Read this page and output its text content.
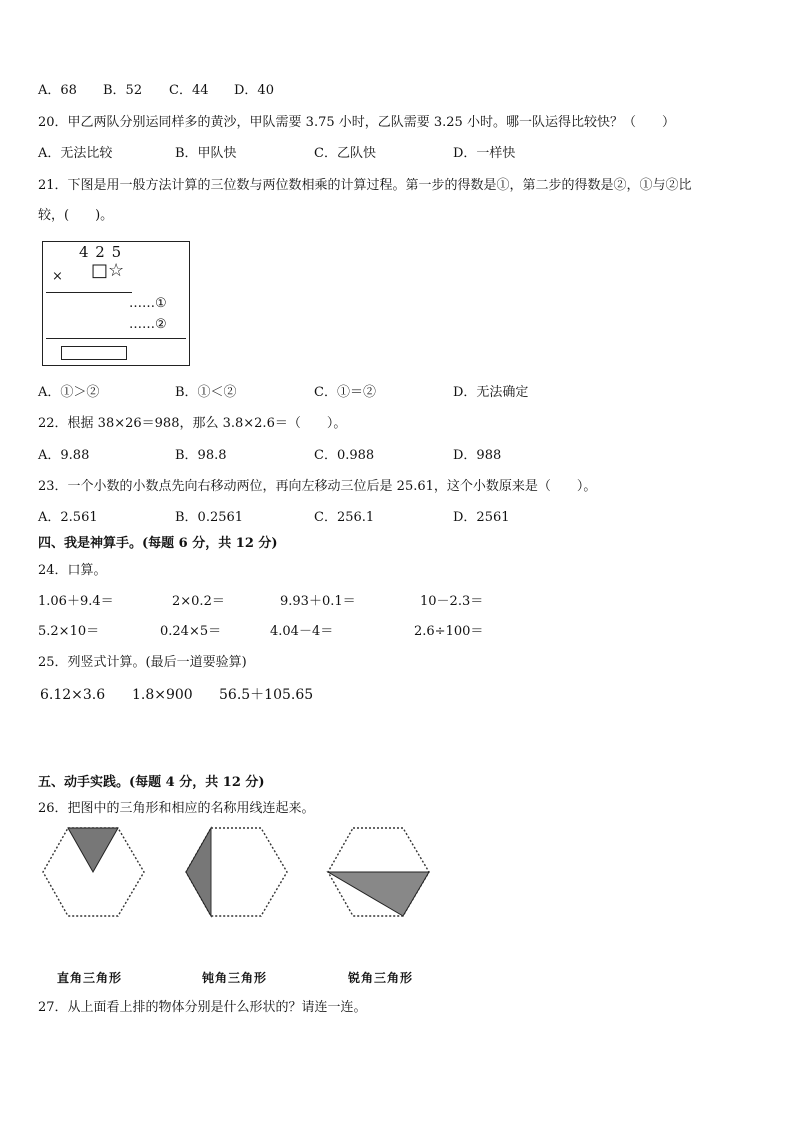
A．68 B．52 C．44 D．40
20．甲乙两队分别运同样多的黄沙，甲队需要 3.75 小时，乙队需要 3.25 小时。哪一队运得比较快？（　　）
A．无法比较	B．甲队快	C．乙队快	D．一样快
21．下图是用一般方法计算的三位数与两位数相乘的计算过程。第一步的得数是①，第二步的得数是②，①与②比
较，(　　)。
4 2 5
× □☆
……①
……②
A．①＞②	B．①＜②	C．①＝②	D．无法确定
22．根据 38×26＝988，那么 3.8×2.6＝（　　）。
A．9.88	B．98.8	C．0.988	D．988
23．一个小数的小数点先向右移动两位，再向左移动三位后是 25.61，这个小数原来是（　　）。
A．2.561	B．0.2561	C．256.1	D．2561
四、我是神算手。(每题 6 分，共 12 分)
24．口算。
1.06＋9.4＝	2×0.2＝	9.93＋0.1＝	10－2.3＝
5.2×10＝	0.24×5＝	4.04－4＝	2.6÷100＝
25．列竖式计算。(最后一道要验算)
6.12×3.6 1.8×900 56.5＋105.65
五、动手实践。(每题 4 分，共 12 分)
26．把图中的三角形和相应的名称用线连起来。
直角三角形	钝角三角形	锐角三角形
27．从上面看上排的物体分别是什么形状的？请连一连。
